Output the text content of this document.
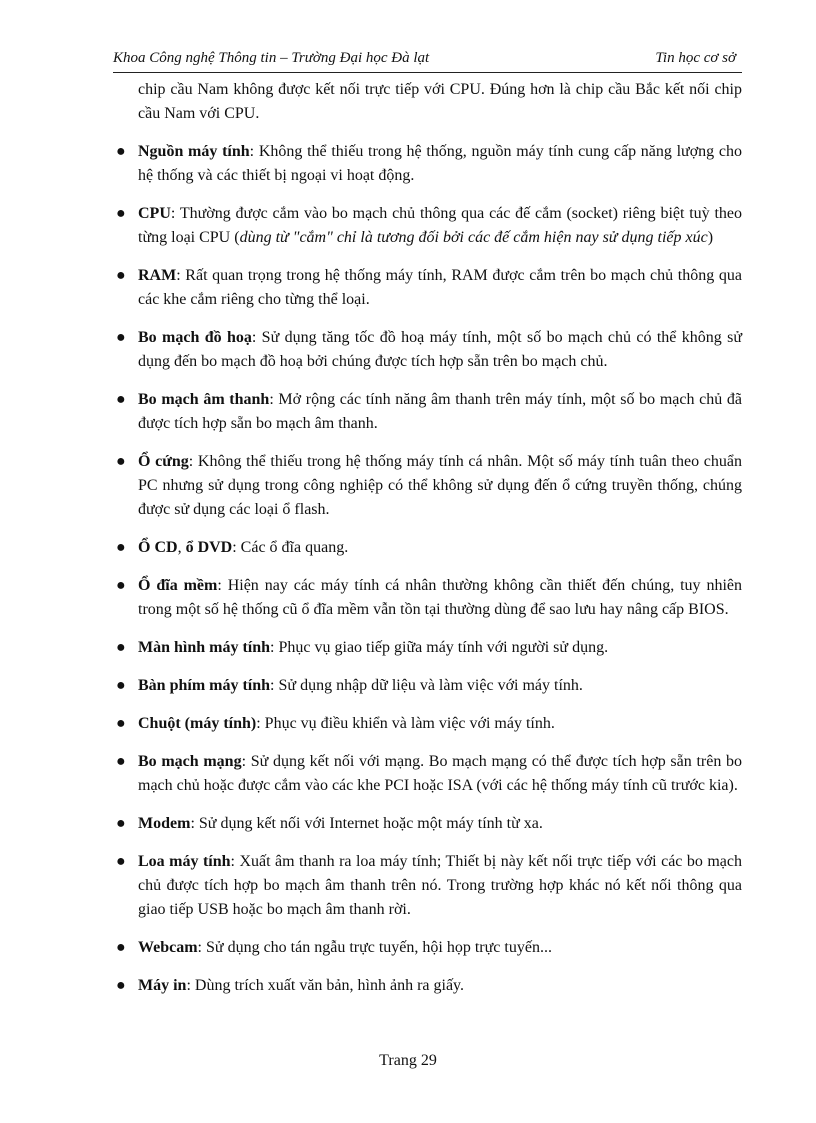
Khoa Công nghệ Thông tin – Trường Đại học Đà lạt	Tin học cơ sở
chip cầu Nam không được kết nối trực tiếp với CPU. Đúng hơn là chip cầu Bắc kết nối chip cầu Nam với CPU.
● Nguồn máy tính: Không thể thiếu trong hệ thống, nguồn máy tính cung cấp năng lượng cho hệ thống và các thiết bị ngoại vi hoạt động.
● CPU: Thường được cắm vào bo mạch chủ thông qua các đế cắm (socket) riêng biệt tuỳ theo từng loại CPU (dùng từ "cắm" chỉ là tương đối bởi các đế cắm hiện nay sử dụng tiếp xúc)
● RAM: Rất quan trọng trong hệ thống máy tính, RAM được cắm trên bo mạch chủ thông qua các khe cắm riêng cho từng thể loại.
● Bo mạch đồ hoạ: Sử dụng tăng tốc đồ hoạ máy tính, một số bo mạch chủ có thể không sử dụng đến bo mạch đồ hoạ bởi chúng được tích hợp sẵn trên bo mạch chủ.
● Bo mạch âm thanh: Mở rộng các tính năng âm thanh trên máy tính, một số bo mạch chủ đã được tích hợp sẵn bo mạch âm thanh.
● Ổ cứng: Không thể thiếu trong hệ thống máy tính cá nhân. Một số máy tính tuân theo chuẩn PC nhưng sử dụng trong công nghiệp có thể không sử dụng đến ổ cứng truyền thống, chúng được sử dụng các loại ổ flash.
● Ổ CD, ổ DVD: Các ổ đĩa quang.
● Ổ đĩa mềm: Hiện nay các máy tính cá nhân thường không cần thiết đến chúng, tuy nhiên trong một số hệ thống cũ ổ đĩa mềm vẫn tồn tại thường dùng để sao lưu hay nâng cấp BIOS.
● Màn hình máy tính: Phục vụ giao tiếp giữa máy tính với người sử dụng.
● Bàn phím máy tính: Sử dụng nhập dữ liệu và làm việc với máy tính.
● Chuột (máy tính): Phục vụ điều khiển và làm việc với máy tính.
● Bo mạch mạng: Sử dụng kết nối với mạng. Bo mạch mạng có thể được tích hợp sẵn trên bo mạch chủ hoặc được cắm vào các khe PCI hoặc ISA (với các hệ thống máy tính cũ trước kia).
● Modem: Sử dụng kết nối với Internet hoặc một máy tính từ xa.
● Loa máy tính: Xuất âm thanh ra loa máy tính; Thiết bị này kết nối trực tiếp với các bo mạch chủ được tích hợp bo mạch âm thanh trên nó. Trong trường hợp khác nó kết nối thông qua giao tiếp USB hoặc bo mạch âm thanh rời.
● Webcam: Sử dụng cho tán ngẫu trực tuyến, hội họp trực tuyến...
● Máy in: Dùng trích xuất văn bản, hình ảnh ra giấy.
Trang 29
